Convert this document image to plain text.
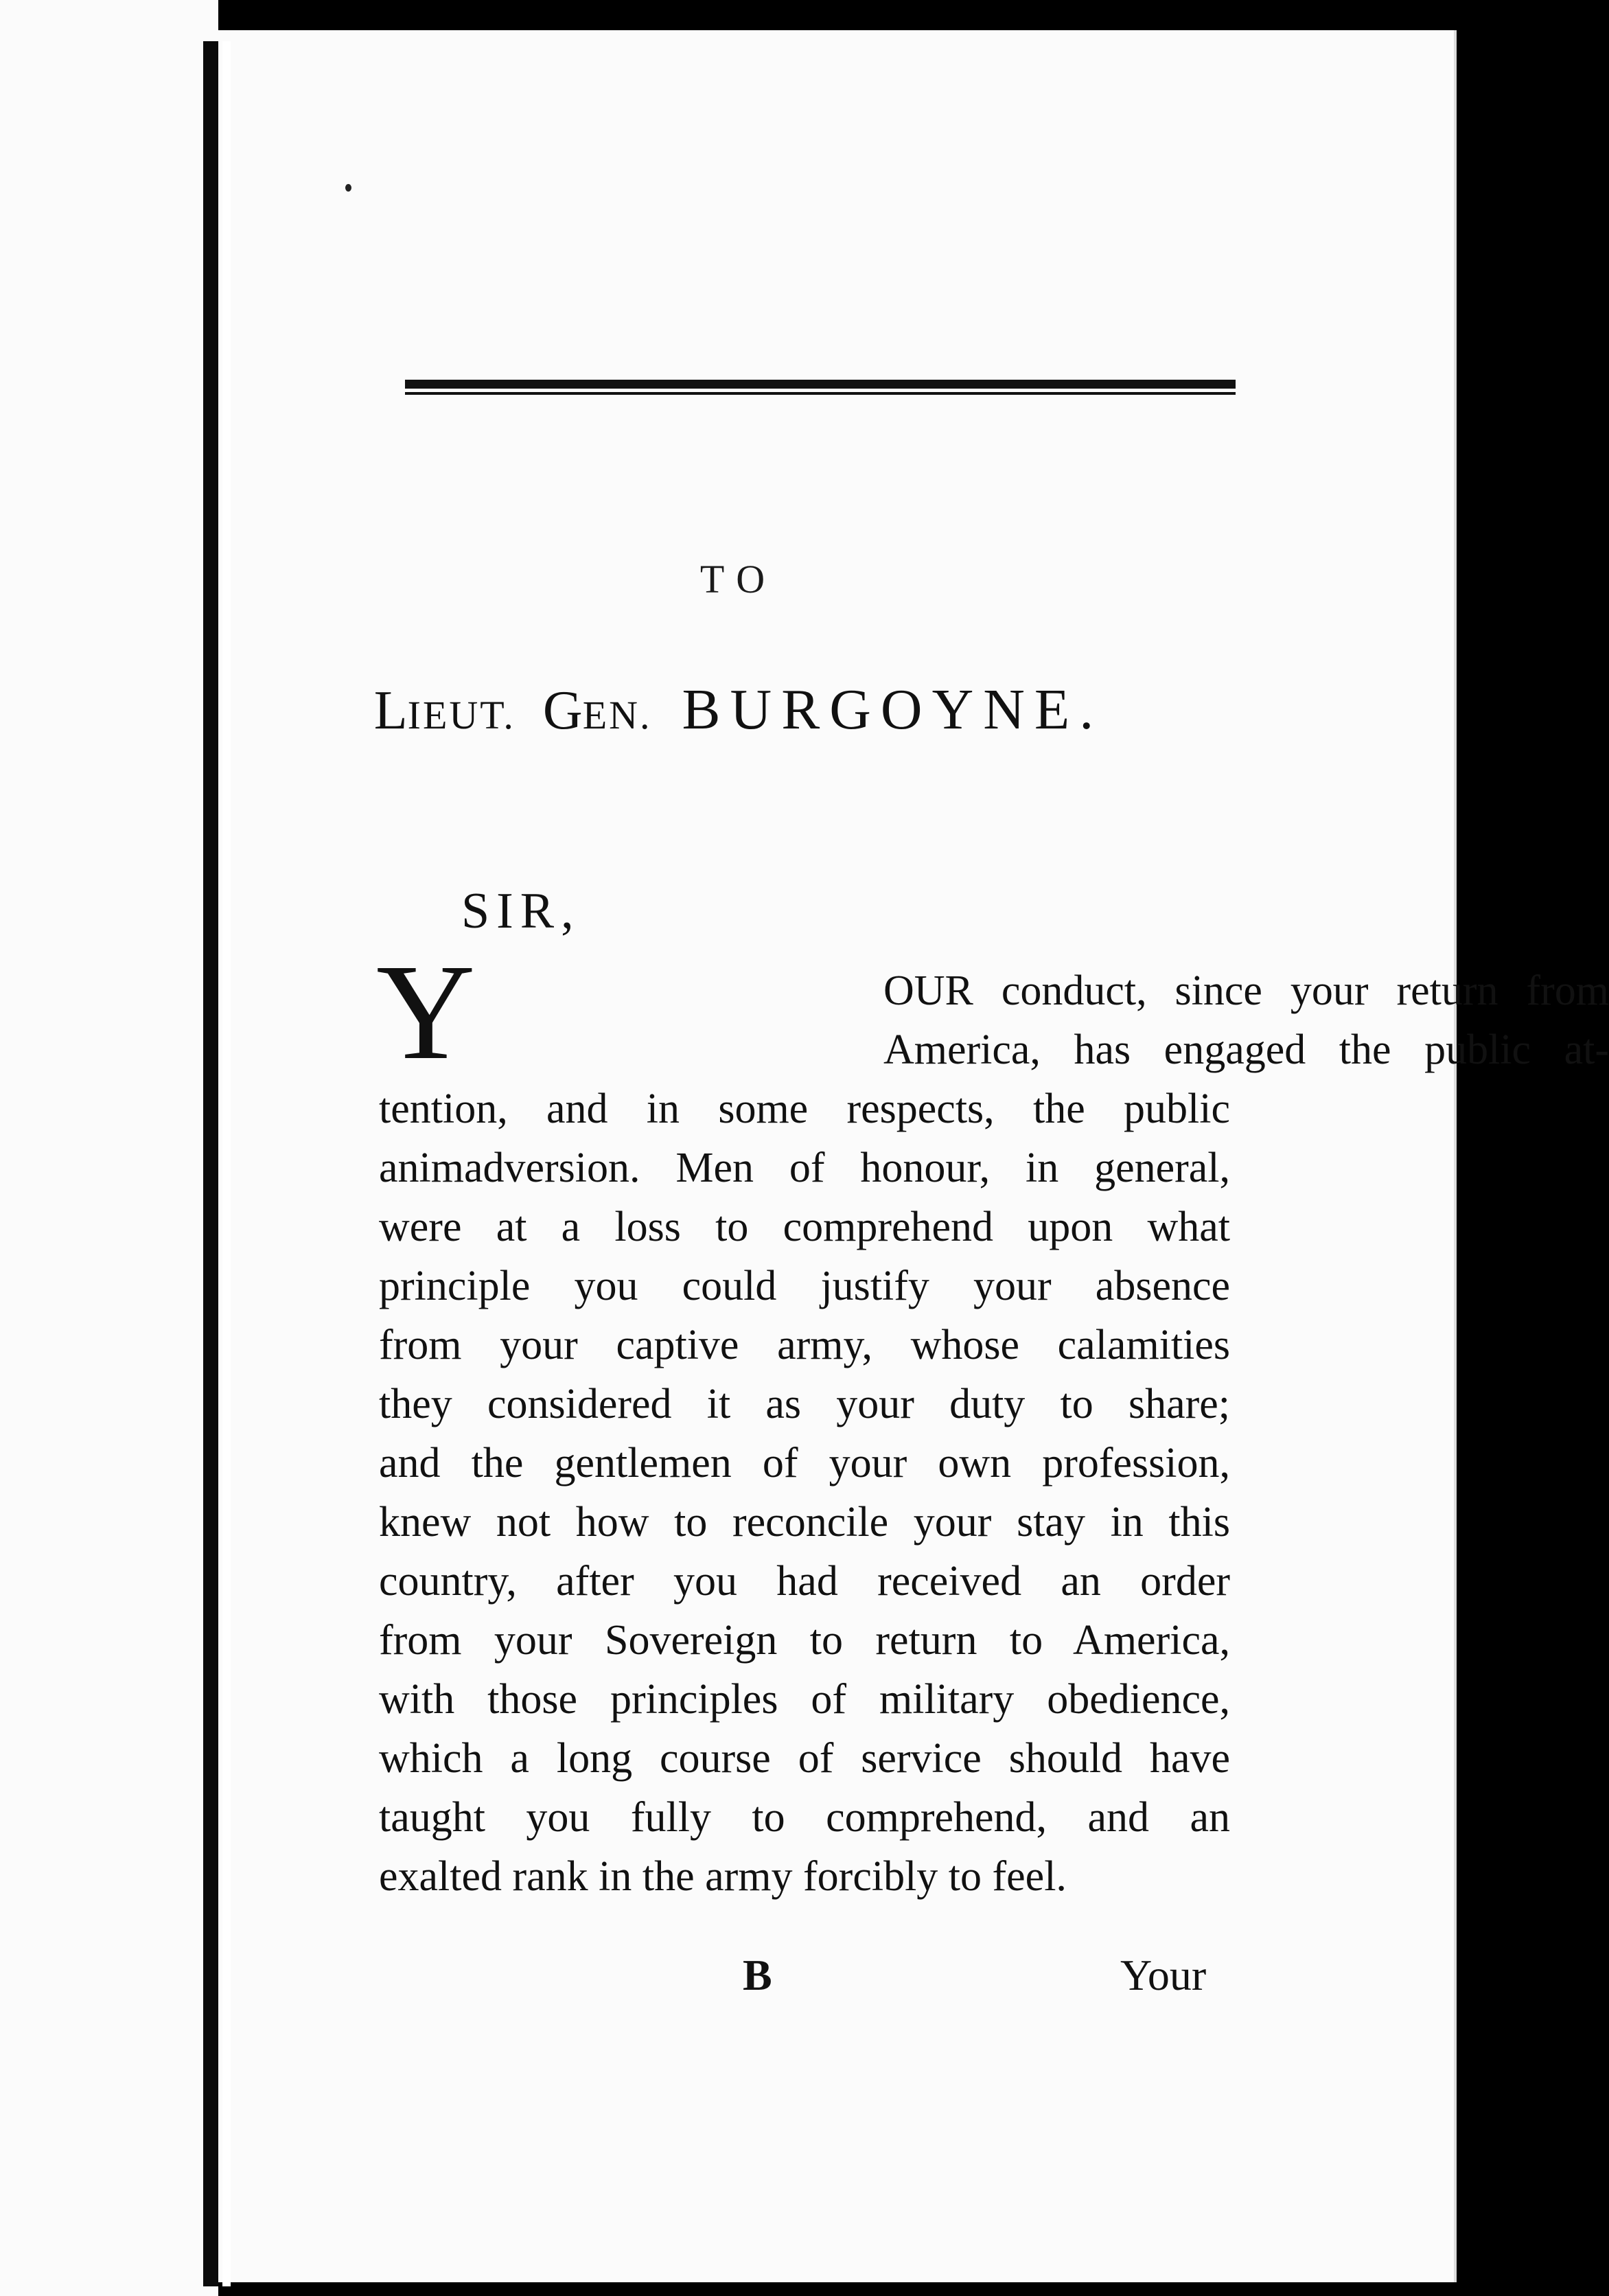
TO
LIEUT. GEN. BURGOYNE.
SIR,
Y	OUR conduct, since your return from
America, has engaged the public at-
tention, and in some respects, the public
animadversion. Men of honour, in general,
were at a loss to comprehend upon what
principle you could justify your absence
from your captive army, whose calamities
they considered it as your duty to share;
and the gentlemen of your own profession,
knew not how to reconcile your stay in this
country, after you had received an order
from your Sovereign to return to America,
with those principles of military obedience,
which a long course of service should have
taught you fully to comprehend, and an
exalted rank in the army forcibly to feel.
B	Your
